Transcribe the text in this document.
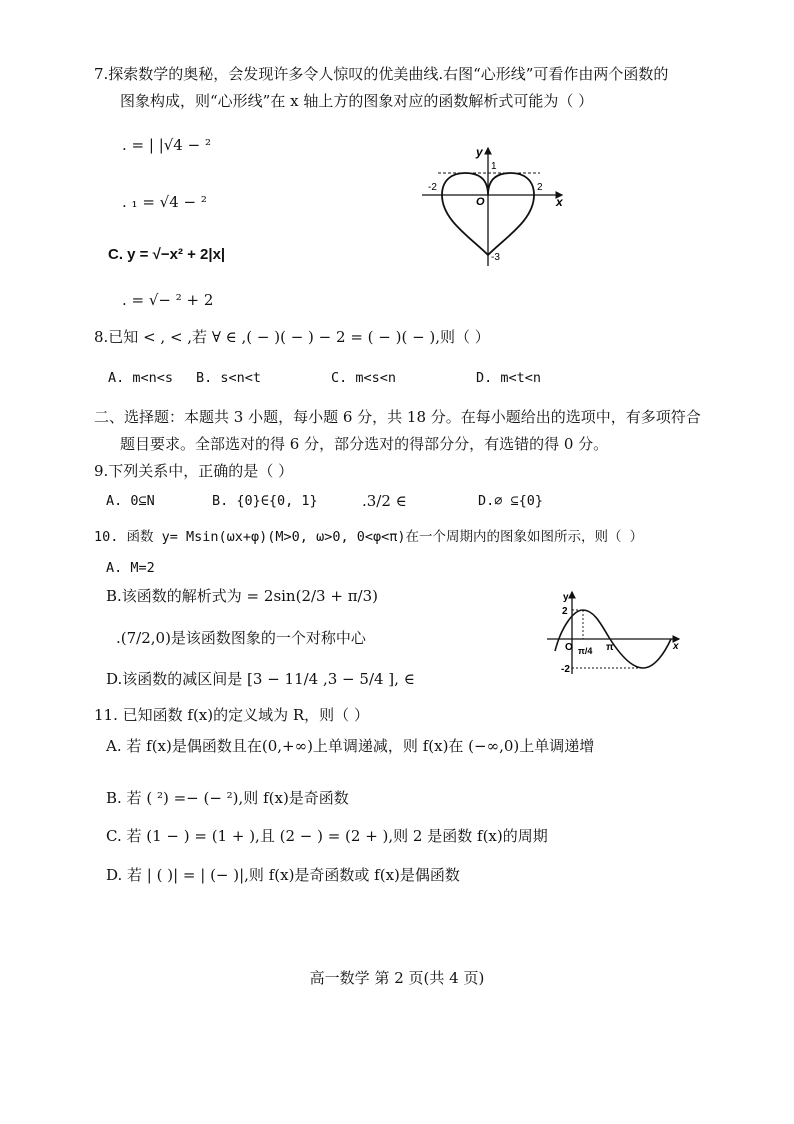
7.探索数学的奥秘，会发现许多令人惊叹的优美曲线.右图“心形线”可看作由两个函数的
图象构成，则“心形线”在 x 轴上方的图象对应的函数解析式可能为（ ）
. = | |√4 − ²
. ₁ = √4 − ²
C. y = √−x² + 2|x|
. = √− ² + 2
y
x
O
-2	2
1
-3
8.已知 < , < ,若 ∀ ∈ ,( − )( − ) − 2 = ( − )( − ),则（ ）
A. m<n<s B. s<n<t	C. m<s<n	D. m<t<n
二、选择题：本题共 3 小题，每小题 6 分，共 18 分。在每小题给出的选项中，有多项符合
题目要求。全部选对的得 6 分，部分选对的得部分分，有选错的得 0 分。
9.下列关系中，正确的是（ ）
A. 0⊆N	B. {0}∈{0, 1}	.3/2 ∈	D.∅ ⊆{0}
10. 函数 y= Msin(ωx+φ)(M>0, ω>0, 0<φ<π)在一个周期内的图象如图所示，则（ ）
A. M=2
B.该函数的解析式为 = 2sin(2/3 + π/3)
.(7/2,0)是该函数图象的一个对称中心
D.该函数的减区间是 [3 − 11/4 ,3 − 5/4 ], ∈
y
x
O
2
-2
π/4 π
11. 已知函数 f(x)的定义域为 R，则（ ）
A. 若 f(x)是偶函数且在(0,+∞)上单调递减，则 f(x)在 (−∞,0)上单调递增
B. 若 ( ²) =− (− ²),则 f(x)是奇函数
C. 若 (1 − ) = (1 + ),且 (2 − ) = (2 + ),则 2 是函数 f(x)的周期
D. 若 | ( )| = | (− )|,则 f(x)是奇函数或 f(x)是偶函数
高一数学 第 2 页(共 4 页)
